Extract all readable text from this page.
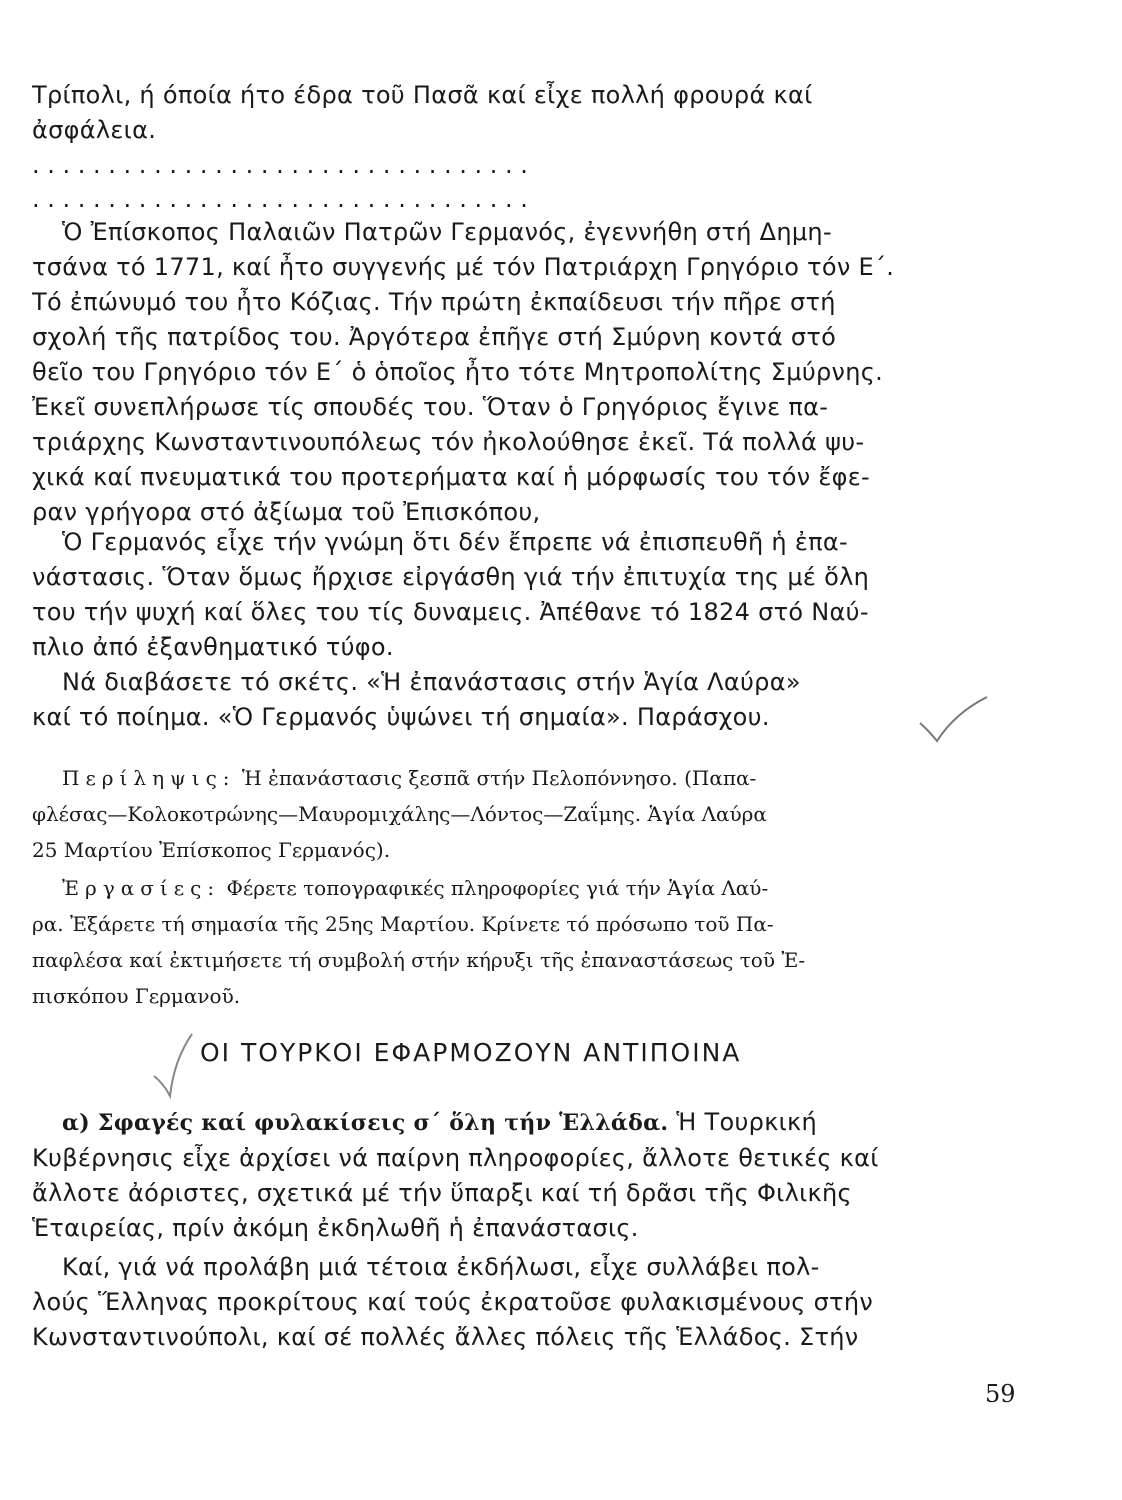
Τρίπολι, ή όποία ήτο έδρα τοῦ Πασᾶ καί εἶχε πολλή φρουρά καί

ἀσφάλεια.

. . . . . . . . . . . . . . . . . . . . . . . . . . . . . . . . .

. . . . . . . . . . . . . . . . . . . . . . . . . . . . . . . . .

Ὁ Ἐπίσκοπος Παλαιῶν Πατρῶν Γερμανός, ἐγεννήθη στή Δημη-

τσάνα τό 1771, καί ἦτο συγγενής μέ τόν Πατριάρχη Γρηγόριο τόν Ε΄.

Τό ἐπώνυμό του ἦτο Κόζιας. Τήν πρώτη ἐκπαίδευσι τήν πῆρε στή

σχολή τῆς πατρίδος του. Ἀργότερα ἐπῆγε στή Σμύρνη κοντά στό

θεῖο του Γρηγόριο τόν Ε΄ ὁ ὁποῖος ἦτο τότε Μητροπολίτης Σμύρνης.

Ἐκεῖ συνεπλήρωσε τίς σπουδές του. Ὅταν ὁ Γρηγόριος ἔγινε πα-

τριάρχης Κωνσταντινουπόλεως τόν ἠκολούθησε ἐκεῖ. Τά πολλά ψυ-

χικά καί πνευματικά του προτερήματα καί ἡ μόρφωσίς του τόν ἔφε-

ραν γρήγορα στό ἀξίωμα τοῦ Ἐπισκόπου,

Ὁ Γερμανός εἶχε τήν γνώμη ὅτι δέν ἔπρεπε νά ἐπισπευθῆ ἡ ἐπα-

νάστασις. Ὅταν ὅμως ἤρχισε εἰργάσθη γιά τήν ἐπιτυχία της μέ ὅλη

του τήν ψυχή καί ὅλες του τίς δυναμεις. Ἀπέθανε τό 1824 στό Ναύ-

πλιο ἀπό ἐξανθηματικό τύφο.

Νά διαβάσετε τό σκέτς. «Ἡ ἐπανάστασις στήν Ἁγία Λαύρα»

καί τό ποίημα. «Ὁ Γερμανός ὑψώνει τή σημαία». Παράσχου.

Περίληψις: Ἡ ἐπανάστασις ξεσπᾶ στήν Πελοπόννησο. (Παπα-

φλέσας—Κολοκοτρώνης—Μαυρομιχάλης—Λόντος—Ζαΐμης. Ἁγία Λαύρα

25 Μαρτίου Ἐπίσκοπος Γερμανός).

Ἐργασίες: Φέρετε τοπογραφικές πληροφορίες γιά τήν Ἁγία Λαύ-

ρα. Ἐξάρετε τή σημασία τῆς 25ης Μαρτίου. Κρίνετε τό πρόσωπο τοῦ Πα-

παφλέσα καί ἐκτιμήσετε τή συμβολή στήν κήρυξι τῆς ἐπαναστάσεως τοῦ Ἐ-

πισκόπου Γερμανοῦ.

ΟΙ ΤΟΥΡΚΟΙ ΕΦΑΡΜΟΖΟΥΝ ΑΝΤΙΠΟΙΝΑ

α) Σφαγές καί φυλακίσεις σ΄ ὅλη τήν Ἑλλάδα. Ἡ Τουρκική

Κυβέρνησις εἶχε ἀρχίσει νά παίρνη πληροφορίες, ἄλλοτε θετικές καί

ἄλλοτε ἀόριστες, σχετικά μέ τήν ὕπαρξι καί τή δρᾶσι τῆς Φιλικῆς

Ἑταιρείας, πρίν ἀκόμη ἐκδηλωθῆ ἡ ἐπανάστασις.

Καί, γιά νά προλάβη μιά τέτοια ἐκδήλωσι, εἶχε συλλάβει πολ-

λούς Ἕλληνας προκρίτους καί τούς ἐκρατοῦσε φυλακισμένους στήν

Κωνσταντινούπολι, καί σέ πολλές ἄλλες πόλεις τῆς Ἑλλάδος. Στήν

59
